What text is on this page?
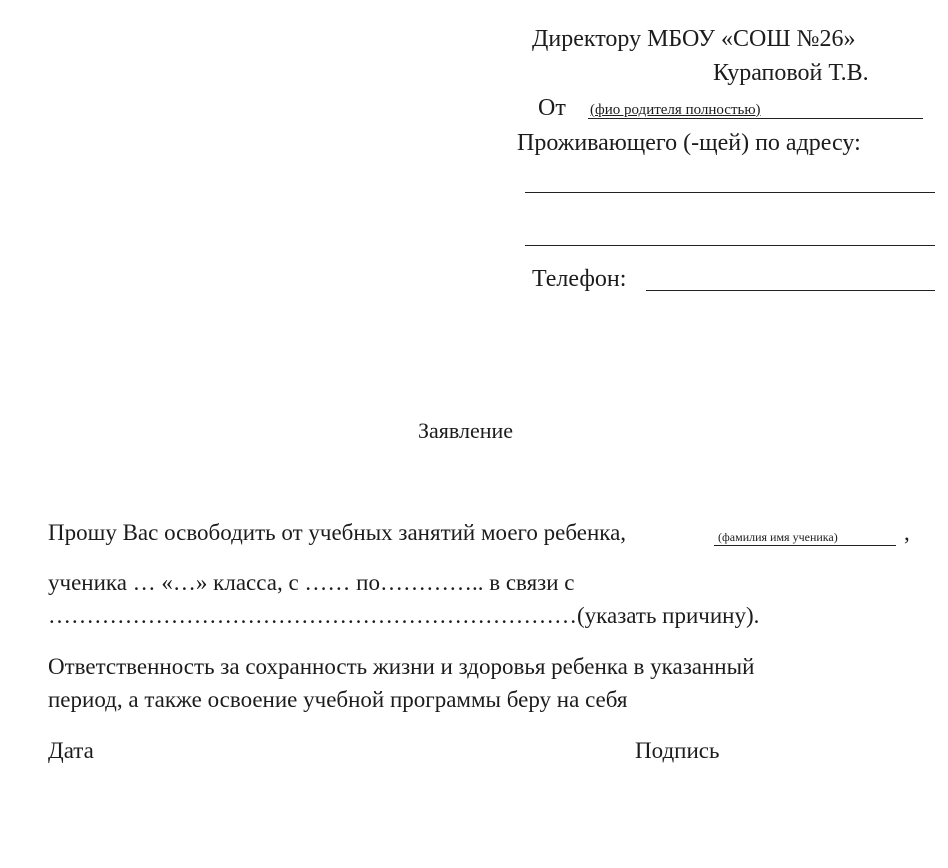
Директору МБОУ «СОШ №26»
Кураповой Т.В.
От (фио родителя полностью)
Проживающего (-щей) по адресу:
Телефон:
Заявление
Прошу Вас освободить от учебных занятий моего ребенка,	(фамилия имя ученика)	,
ученика … «…» класса, с …… по………….. в связи с
……………………………………………………………(указать причину).
Ответственность за сохранность жизни и здоровья ребенка в указанный
период, а также освоение учебной программы беру на себя
Дата	Подпись
